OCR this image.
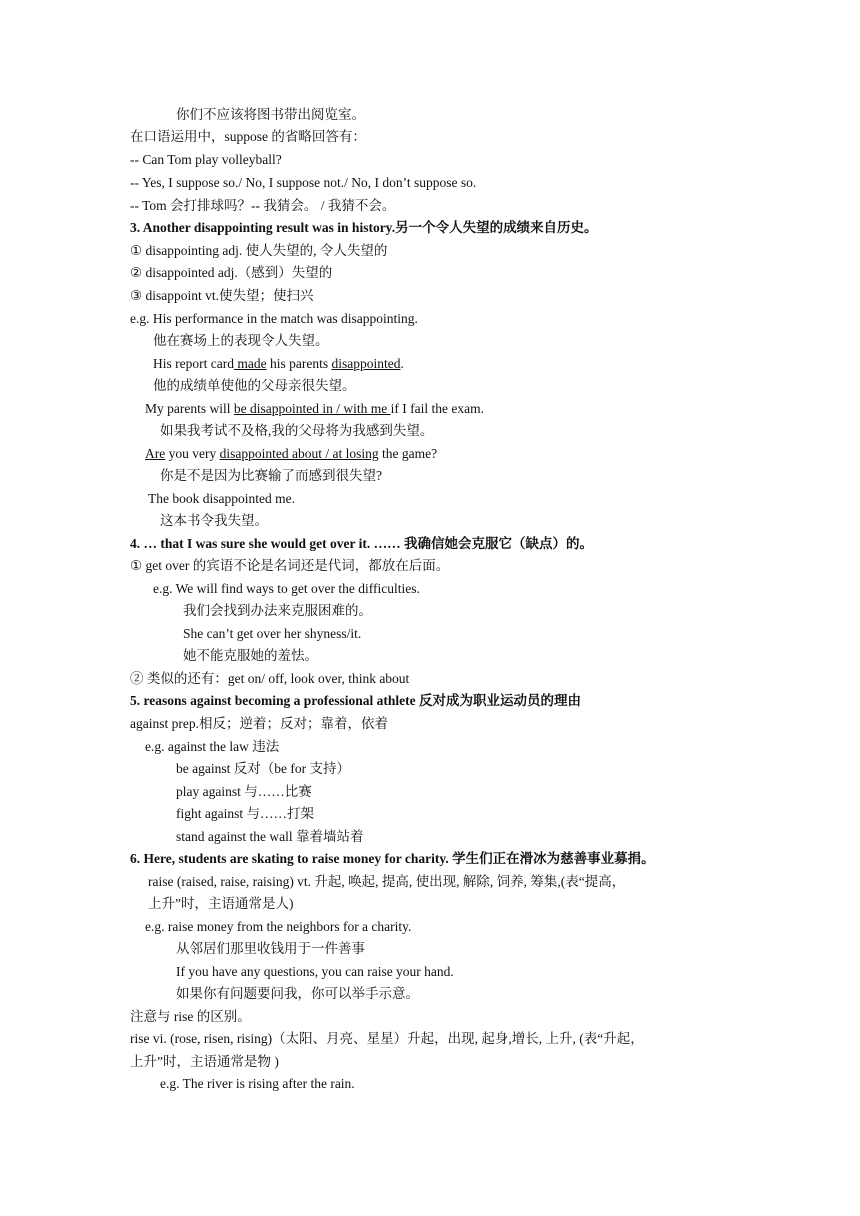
你们不应该将图书带出阅览室。
在口语运用中，suppose 的省略回答有：
-- Can Tom play volleyball?
-- Yes, I suppose so./ No, I suppose not./ No, I don’t suppose so.
-- Tom 会打排球吗？-- 我猜会。 / 我猜不会。
3. Another disappointing result was in history.另一个令人失望的成绩来自历史。
① disappointing adj. 使人失望的, 令人失望的
② disappointed adj.（感到）失望的
③ disappoint vt.使失望；使扫兴
e.g. His performance in the match was disappointing.
他在赛场上的表现令人失望。
His report card made his parents disappointed.
他的成绩单使他的父母亲很失望。
My parents will be disappointed in / with me if I fail the exam.
如果我考试不及格,我的父母将为我感到失望。
Are you very disappointed about / at losing the game?
你是不是因为比赛输了而感到很失望?
The book disappointed me.
这本书令我失望。
4. … that I was sure she would get over it. …… 我确信她会克服它（缺点）的。
① get over 的宾语不论是名词还是代词，都放在后面。
e.g. We will find ways to get over the difficulties.
我们会找到办法来克服困难的。
She can’t get over her shyness/it.
她不能克服她的羞怯。
② 类似的还有：get on/ off, look over, think about
5. reasons against becoming a professional athlete 反对成为职业运动员的理由
against prep.相反；逆着；反对；靠着，依着
e.g. against the law 违法
be against 反对（be for 支持）
play against 与……比赛
fight against 与……打架
stand against the wall 靠着墙站着
6. Here, students are skating to raise money for charity. 学生们正在滑冰为慈善事业募捐。
raise (raised, raise, raising) vt. 升起, 唤起, 提高, 使出现, 解除, 饲养, 筹集,(表“提高，
上升”时，主语通常是人)
e.g. raise money from the neighbors for a charity.
从邻居们那里收钱用于一件善事
If you have any questions, you can raise your hand.
如果你有问题要问我，你可以举手示意。
注意与 rise 的区别。
rise vi. (rose, risen, rising)（太阳、月亮、星星）升起，出现, 起身,增长, 上升, (表“升起，
上升”时，主语通常是物 )
e.g. The river is rising after the rain.
